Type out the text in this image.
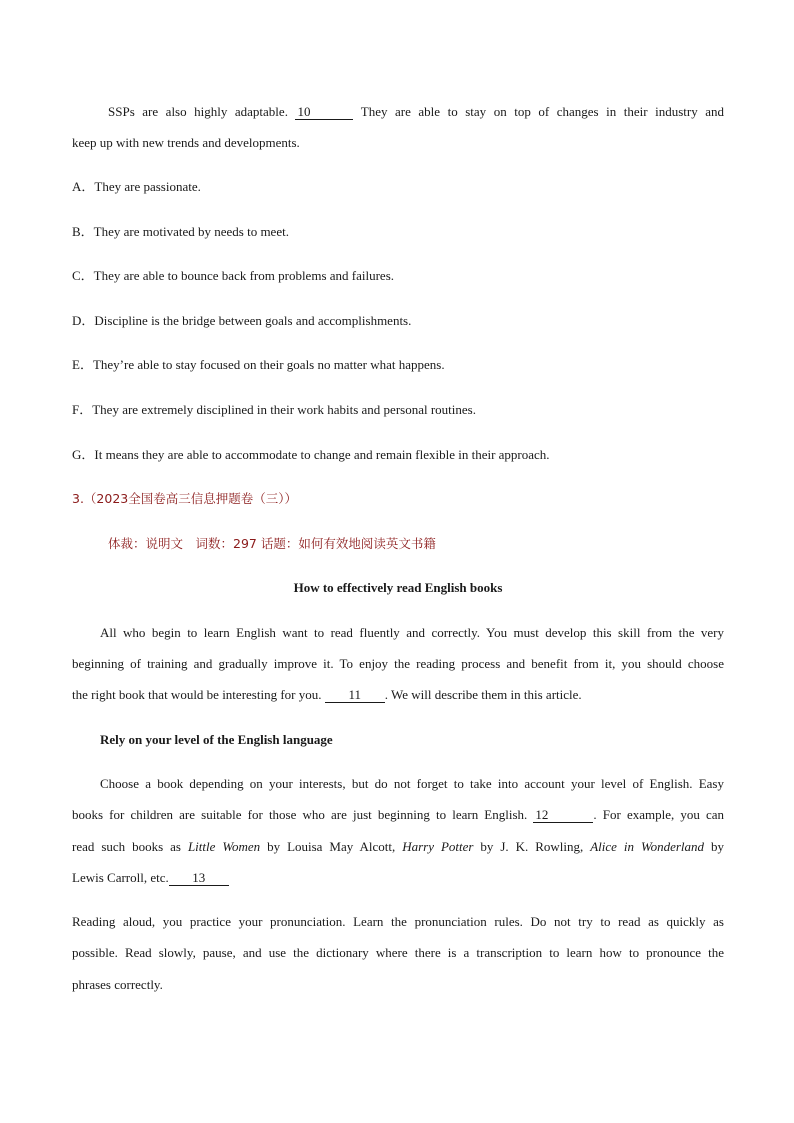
SSPs are also highly adaptable. 10	They are able to stay on top of changes in their industry and
keep up with new trends and developments.
A．They are passionate.
B．They are motivated by needs to meet.
C．They are able to bounce back from problems and failures.
D．Discipline is the bridge between goals and accomplishments.
E．They’re able to stay focused on their goals no matter what happens.
F．They are extremely disciplined in their work habits and personal routines.
G．It means they are able to accommodate to change and remain flexible in their approach.
3.（2023全国卷高三信息押题卷（三））
体裁：说明文　词数：297 话题：如何有效地阅读英文书籍
How to effectively read English books
All who begin to learn English want to read fluently and correctly. You must develop this skill from the very
beginning of training and gradually improve it. To enjoy the reading process and benefit from it, you should choose
the right book that would be interesting for you. 11 . We will describe them in this article.
Rely on your level of the English language
Choose a book depending on your interests, but do not forget to take into account your level of English. Easy
books for children are suitable for those who are just beginning to learn English. 12	. For example, you can
read such books as Little Women by Louisa May Alcott, Harry Potter by J. K. Rowling, Alice in Wonderland by
Lewis Carroll, etc. 13
Reading aloud, you practice your pronunciation. Learn the pronunciation rules. Do not try to read as quickly as
possible. Read slowly, pause, and use the dictionary where there is a transcription to learn how to pronounce the
phrases correctly.
